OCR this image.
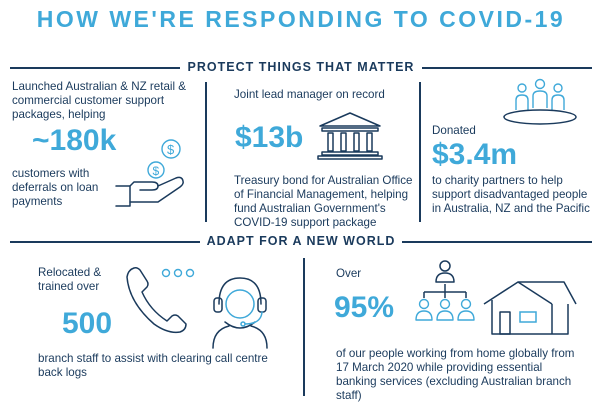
HOW WE'RE RESPONDING TO COVID-19
PROTECT THINGS THAT MATTER
Launched Australian & NZ retail & commercial customer support packages, helping
~180k
customers with deferrals on loan payments
$
$
Joint lead manager on record
$13b
Treasury bond for Australian Office of Financial Management, helping fund Australian Government's COVID-19 support package
Donated
$3.4m
to charity partners to help support disadvantaged people in Australia, NZ and the Pacific
ADAPT FOR A NEW WORLD
Relocated & trained over
500
branch staff to assist with clearing call centre back logs
Over
95%
of our people working from home globally from 17 March 2020 while providing essential banking services (excluding Australian branch staff)
